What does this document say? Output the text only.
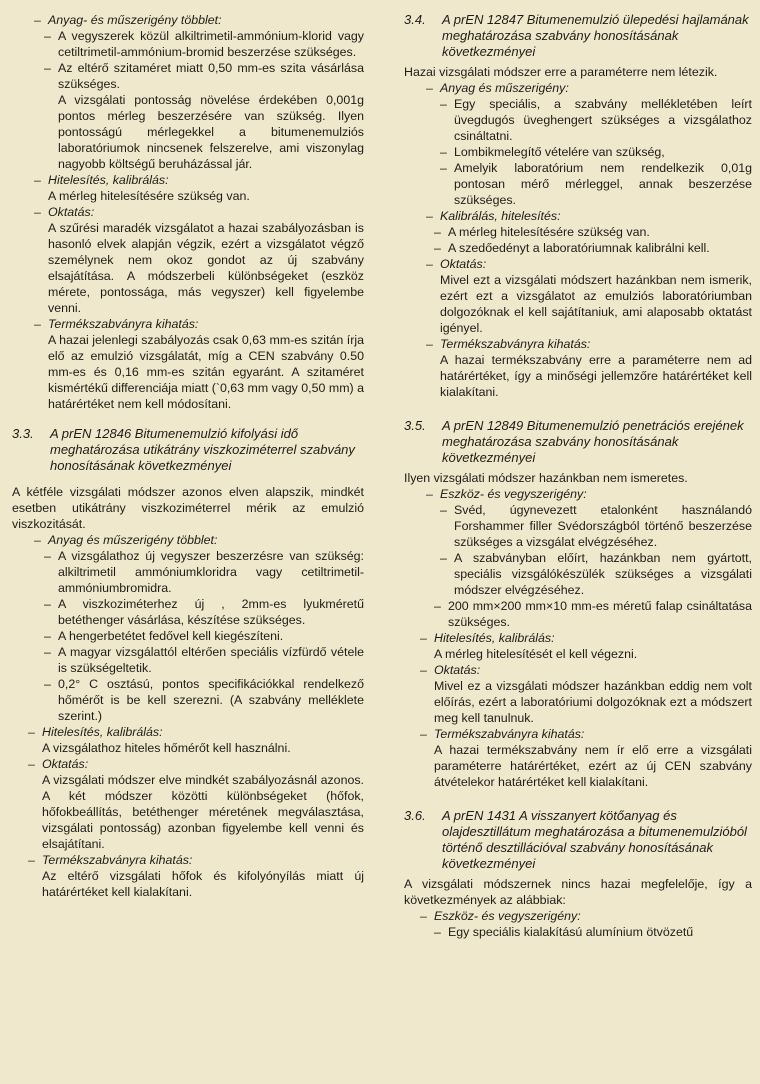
– Anyag- és műszerigény többlet:

– A vegyszerek közül alkiltrimetil-ammónium-klorid vagy cetiltrimetil-ammónium-bromid beszerzése szükséges.

– Az eltérő szitaméret miatt 0,50 mm-es szita vásárlása szükséges.

A vizsgálati pontosság növelése érdekében 0,001g pontos mérleg beszerzésére van szükség. Ilyen pontosságú mérlegekkel a bitumenemulziós laboratóriumok nincsenek felszerelve, ami viszonylag nagyobb költségű beruházással jár.

– Hitelesítés, kalibrálás:

A mérleg hitelesítésére szükség van.

– Oktatás:

A szűrési maradék vizsgálatot a hazai szabályozásban is hasonló elvek alapján végzik, ezért a vizsgálatot végző személynek nem okoz gondot az új szabvány elsajátítása. A módszerbeli különbségeket (eszköz mérete, pontossága, más vegyszer) kell figyelembe venni.

– Termékszabványra kihatás:

A hazai jelenlegi szabályozás csak 0,63 mm-es szitán írja elő az emulzió vizsgálatát, míg a CEN szabvány 0.50 mm-es és 0,16 mm-es szitán egyaránt. A szitaméret kismértékű differenciája miatt (`0,63 mm vagy 0,50 mm) a határértéket nem kell módosítani.

3.3.	A prEN 12846 Bitumenemulzió kifolyási idő meghatározása utikátrány viszkoziméterrel szabvány honosításának következményei

A kétféle vizsgálati módszer azonos elven alapszik, mindkét esetben utikátrány viszkoziméterrel mérik az emulzió viszkozitását.

– Anyag és műszerigény többlet:

– A vizsgálathoz új vegyszer beszerzésre van szükség: alkiltrimetil ammóniumkloridra vagy cetiltrimetil-ammóniumbromidra.

– A viszkoziméterhez új , 2mm-es lyukméretű betéthenger vásárlása, készítése szükséges.

– A hengerbetétet fedővel kell kiegészíteni.

– A magyar vizsgálattól eltérően speciális vízfürdő vétele is szükségeltetik.

– 0,2° C osztású, pontos specifikációkkal rendelkező hőmérőt is be kell szerezni. (A szabvány melléklete szerint.)

– Hitelesítés, kalibrálás:

A vizsgálathoz hiteles hőmérőt kell használni.

– Oktatás:

A vizsgálati módszer elve mindkét szabályozásnál azonos. A két módszer közötti különbségeket (hőfok, hőfokbeállítás, betéthenger méretének megválasztása, vizsgálati pontosság) azonban figyelembe kell venni és elsajátítani.

– Termékszabványra kihatás:

Az eltérő vizsgálati hőfok és kifolyónyílás miatt új határértéket kell kialakítani.

3.4.	A prEN 12847 Bitumenemulzió ülepedési hajlamának meghatározása szabvány honosításának következményei

Hazai vizsgálati módszer erre a paraméterre nem létezik.

– Anyag és műszerigény:

– Egy speciális, a szabvány mellékletében leírt üvegdugós üveghengert szükséges a vizsgálathoz csináltatni.

– Lombikmelegítő vételére van szükség,

– Amelyik laboratórium nem rendelkezik 0,01g pontosan mérő mérleggel, annak beszerzése szükséges.

– Kalibrálás, hitelesítés:

– A mérleg hitelesítésére szükség van.

– A szedőedényt a laboratóriumnak kalibrálni kell.

– Oktatás:

Mivel ezt a vizsgálati módszert hazánkban nem ismerik, ezért ezt a vizsgálatot az emulziós laboratóriumban dolgozóknak el kell sajátítaniuk, ami alaposabb oktatást igényel.

– Termékszabványra kihatás:

A hazai termékszabvány erre a paraméterre nem ad határértéket, így a minőségi jellemzőre határértéket kell kialakítani.

3.5.	A prEN 12849 Bitumenemulzió penetrációs erejének meghatározása szabvány honosításának következményei

Ilyen vizsgálati módszer hazánkban nem ismeretes.

– Eszköz- és vegyszerigény:

– Svéd, úgynevezett etalonként használandó Forshammer filler Svédországból történő beszerzése szükséges a vizsgálat elvégzéséhez.

– A szabványban előírt, hazánkban nem gyártott, speciális vizsgálókészülék szükséges a vizsgálati módszer elvégzéséhez.

– 200 mm×200 mm×10 mm-es méretű falap csináltatása szükséges.

– Hitelesítés, kalibrálás:

A mérleg hitelesítését el kell végezni.

– Oktatás:

Mivel ez a vizsgálati módszer hazánkban eddig nem volt előírás, ezért a laboratóriumi dolgozóknak ezt a módszert meg kell tanulnuk.

– Termékszabványra kihatás:

A hazai termékszabvány nem ír elő erre a vizsgálati paraméterre határértéket, ezért az új CEN szabvány átvételekor határértéket kell kialakítani.

3.6.	A prEN 1431 A visszanyert kötőanyag és olajdesztillátum meghatározása a bitumenemulzióból történő desztillációval szabvány honosításának következményei

A vizsgálati módszernek nincs hazai megfelelője, így a következmények az alábbiak:

– Eszköz- és vegyszerigény:

– Egy speciális kialakítású alumínium ötvözetű
